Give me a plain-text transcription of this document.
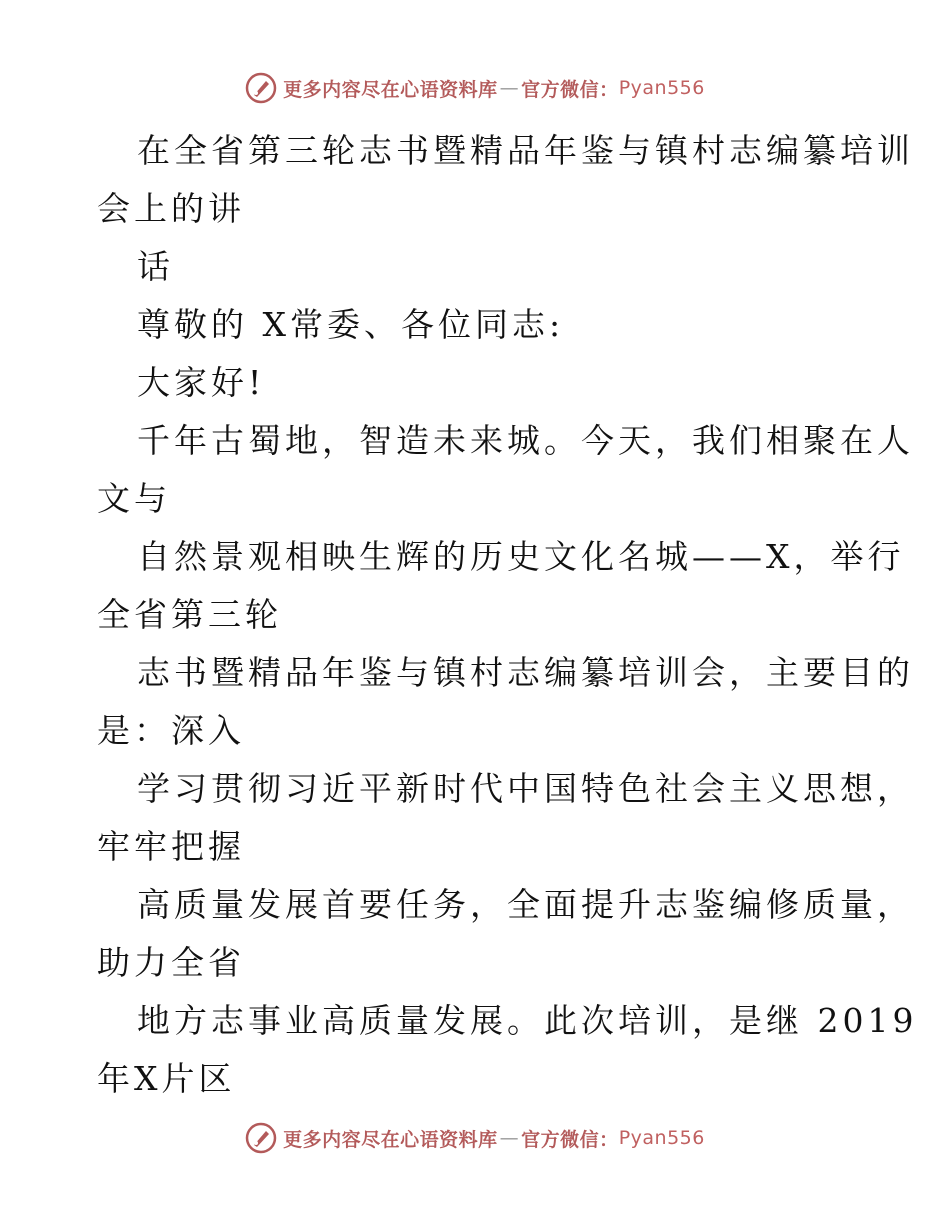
更多内容尽在心语资料库 — 官方微信： Pyan556
在全省第三轮志书暨精品年鉴与镇村志编纂培训
会上的讲
话
尊敬的 X常委、各位同志:
大家好!
千年古蜀地，智造未来城。今天，我们相聚在人
文与
自然景观相映生辉的历史文化名城——X，举行
全省第三轮
志书暨精品年鉴与镇村志编纂培训会，主要目的
是：深入
学习贯彻习近平新时代中国特色社会主义思想，
牢牢把握
高质量发展首要任务，全面提升志鉴编修质量，
助力全省
地方志事业高质量发展。此次培训，是继 2019
年X片区
更多内容尽在心语资料库 — 官方微信： Pyan556
